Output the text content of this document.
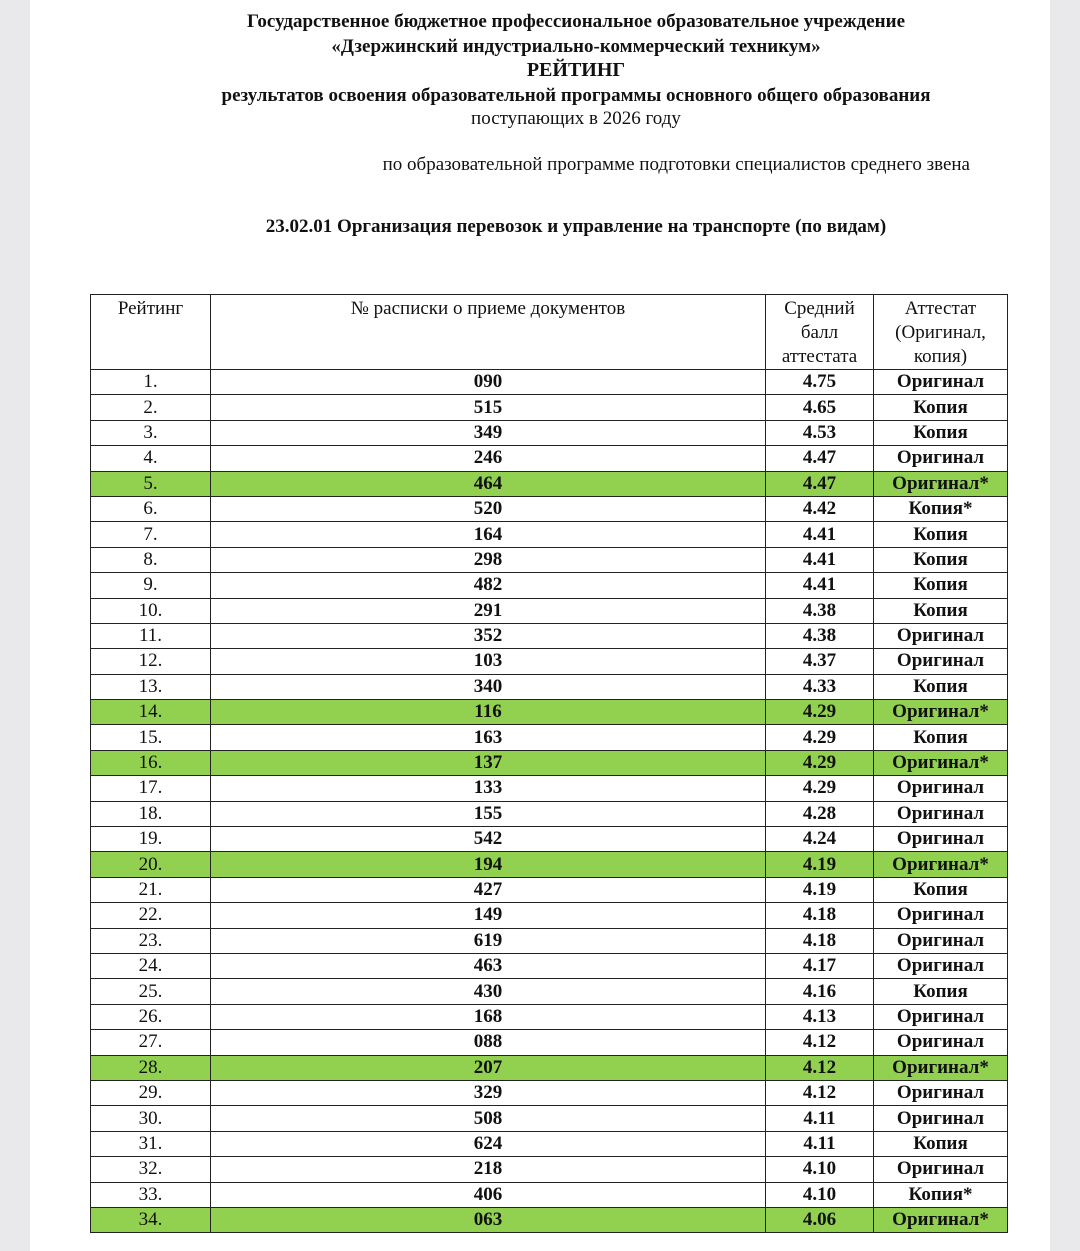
Государственное бюджетное профессиональное образовательное учреждение
«Дзержинский индустриально-коммерческий техникум»
РЕЙТИНГ
результатов освоения образовательной программы основного общего образования
поступающих в 2026 году
по образовательной программе подготовки специалистов среднего звена
23.02.01 Организация перевозок и управление на транспорте (по видам)
Рейтинг	№ расписки о приеме документов	Средний балл аттестата	Аттестат (Оригинал, копия)
1.	090	4.75	Оригинал
2.	515	4.65	Копия
3.	349	4.53	Копия
4.	246	4.47	Оригинал
5.	464	4.47	Оригинал*
6.	520	4.42	Копия*
7.	164	4.41	Копия
8.	298	4.41	Копия
9.	482	4.41	Копия
10.	291	4.38	Копия
11.	352	4.38	Оригинал
12.	103	4.37	Оригинал
13.	340	4.33	Копия
14.	116	4.29	Оригинал*
15.	163	4.29	Копия
16.	137	4.29	Оригинал*
17.	133	4.29	Оригинал
18.	155	4.28	Оригинал
19.	542	4.24	Оригинал
20.	194	4.19	Оригинал*
21.	427	4.19	Копия
22.	149	4.18	Оригинал
23.	619	4.18	Оригинал
24.	463	4.17	Оригинал
25.	430	4.16	Копия
26.	168	4.13	Оригинал
27.	088	4.12	Оригинал
28.	207	4.12	Оригинал*
29.	329	4.12	Оригинал
30.	508	4.11	Оригинал
31.	624	4.11	Копия
32.	218	4.10	Оригинал
33.	406	4.10	Копия*
34.	063	4.06	Оригинал*
